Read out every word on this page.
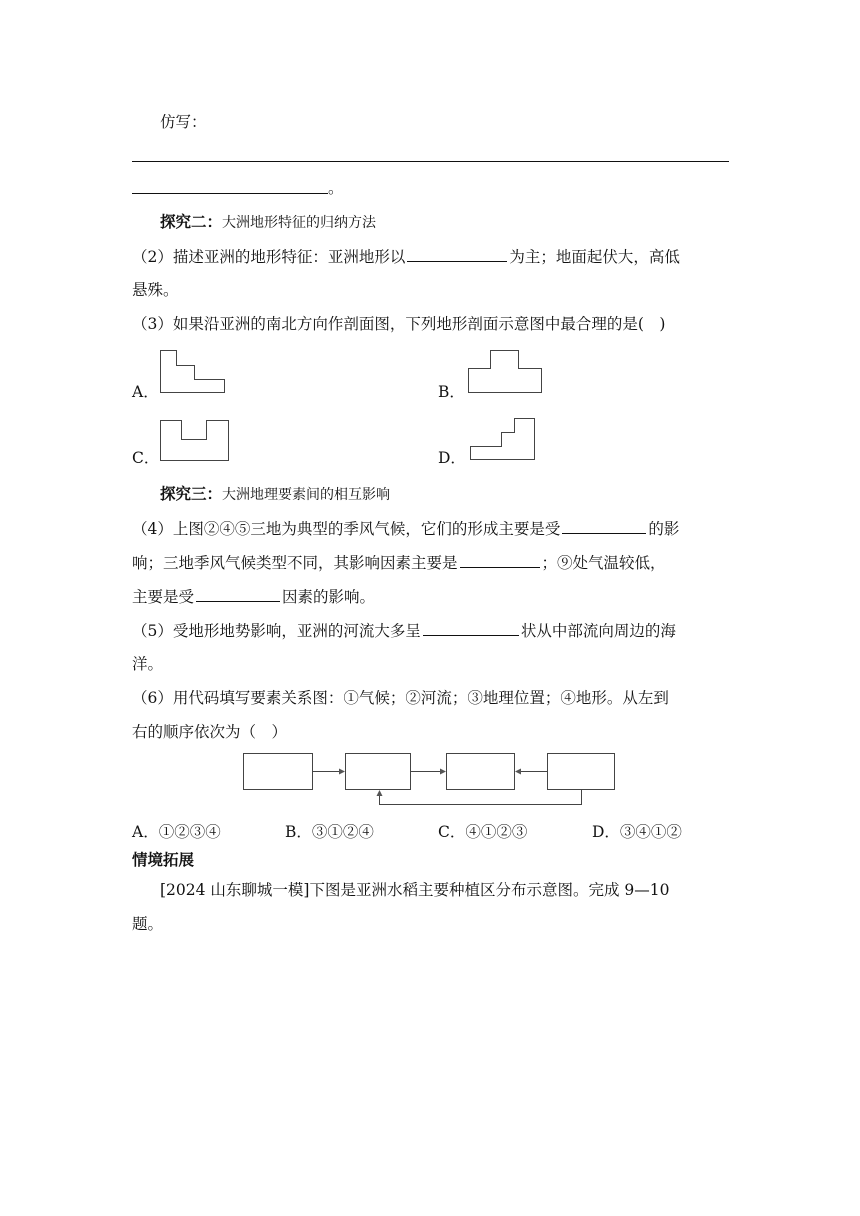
仿写：
。
探究二：大洲地形特征的归纳方法
（2）描述亚洲的地形特征：亚洲地形以	为主；地面起伏大，高低
悬殊。
（3）如果沿亚洲的南北方向作剖面图，下列地形剖面示意图中最合理的是(　)
A．	B．
C．	D．
探究三：大洲地理要素间的相互影响
（4）上图②④⑤三地为典型的季风气候，它们的形成主要是受	的影
响；三地季风气候类型不同，其影响因素主要是	；⑨处气温较低，
主要是受	因素的影响。
（5）受地形地势影响，亚洲的河流大多呈	状从中部流向周边的海
洋。
（6）用代码填写要素关系图：①气候；②河流；③地理位置；④地形。从左到
右的顺序依次为（　）
A．①②③④	B．③①②④	C．④①②③	D．③④①②
情境拓展
[2024 山东聊城一模]下图是亚洲水稻主要种植区分布示意图。完成 9—10
题。
